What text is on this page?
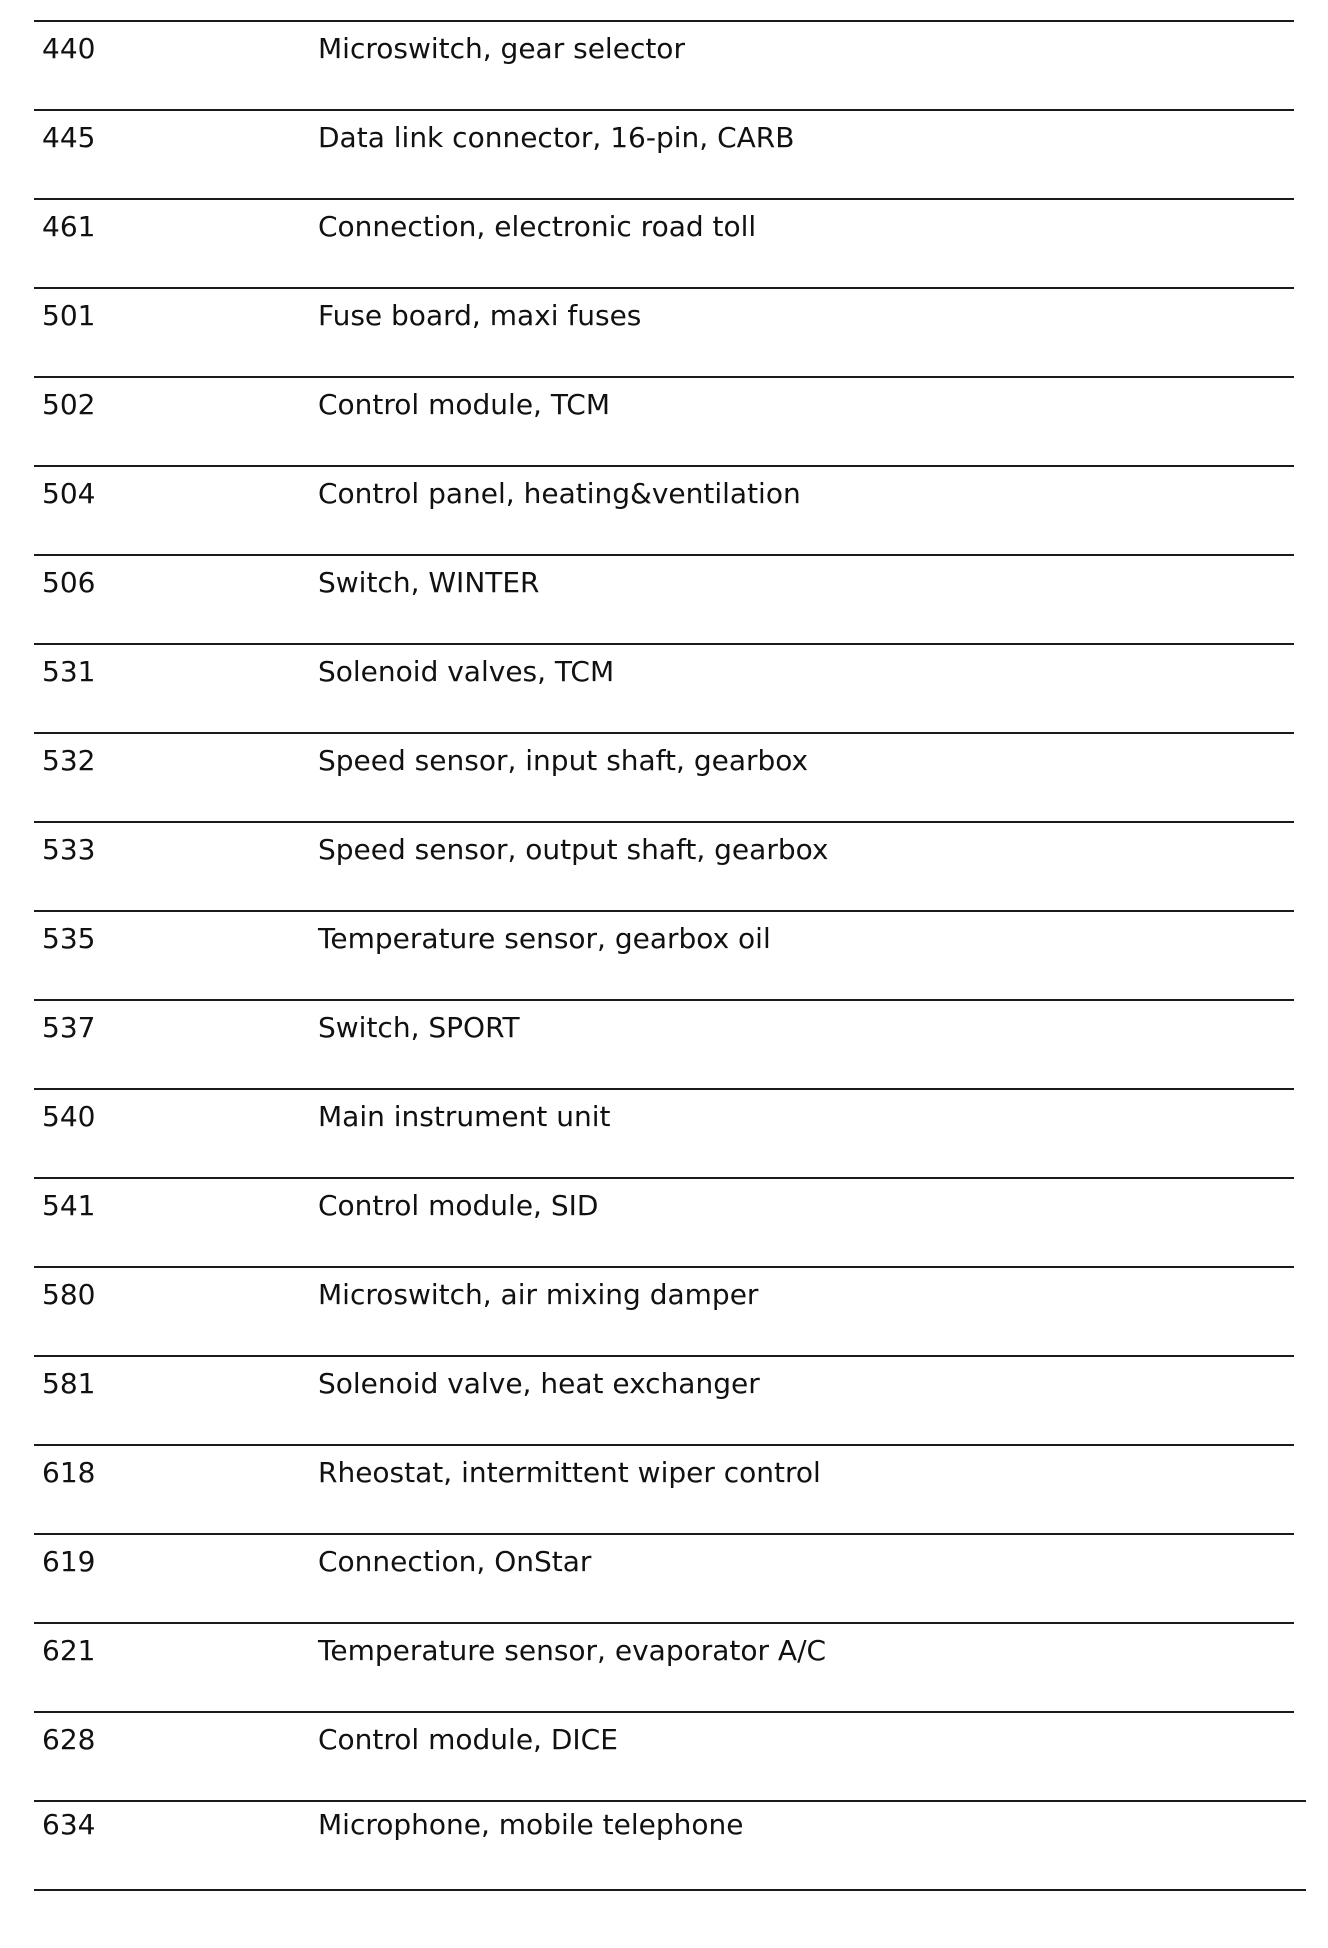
440	Microswitch, gear selector
445	Data link connector, 16-pin, CARB
461	Connection, electronic road toll
501	Fuse board, maxi fuses
502	Control module, TCM
504	Control panel, heating&ventilation
506	Switch, WINTER
531	Solenoid valves, TCM
532	Speed sensor, input shaft, gearbox
533	Speed sensor, output shaft, gearbox
535	Temperature sensor, gearbox oil
537	Switch, SPORT
540	Main instrument unit
541	Control module, SID
580	Microswitch, air mixing damper
581	Solenoid valve, heat exchanger
618	Rheostat, intermittent wiper control
619	Connection, OnStar
621	Temperature sensor, evaporator A/C
628	Control module, DICE
634	Microphone, mobile telephone
